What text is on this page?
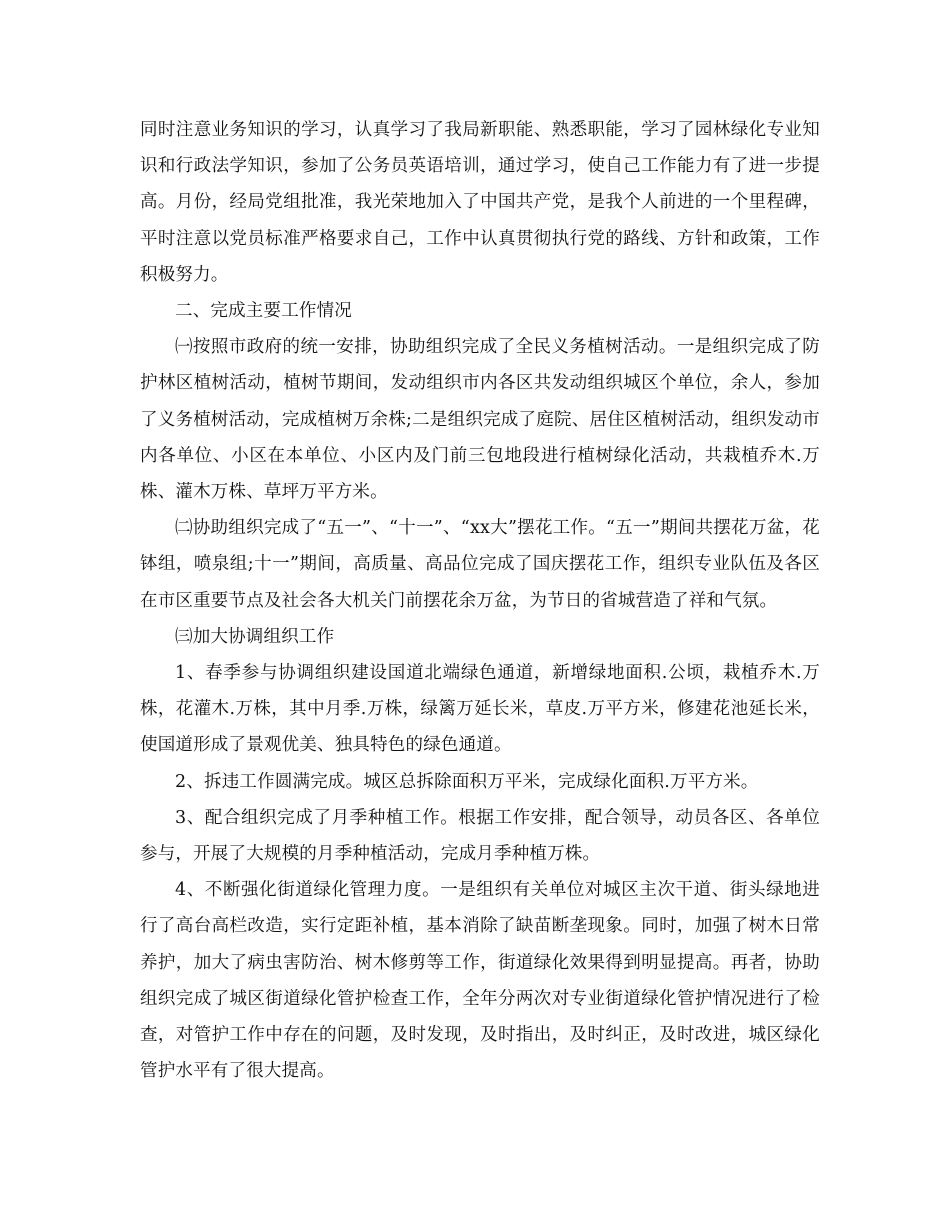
同时注意业务知识的学习，认真学习了我局新职能、熟悉职能，学习了园林绿化专业知识和行政法学知识，参加了公务员英语培训，通过学习，使自己工作能力有了进一步提高。月份，经局党组批准，我光荣地加入了中国共产党，是我个人前进的一个里程碑，平时注意以党员标准严格要求自己，工作中认真贯彻执行党的路线、方针和政策，工作积极努力。

二、完成主要工作情况

㈠按照市政府的统一安排，协助组织完成了全民义务植树活动。一是组织完成了防护林区植树活动，植树节期间，发动组织市内各区共发动组织城区个单位，余人，参加了义务植树活动，完成植树万余株;二是组织完成了庭院、居住区植树活动，组织发动市内各单位、小区在本单位、小区内及门前三包地段进行植树绿化活动，共栽植乔木.万株、灌木万株、草坪万平方米。

㈡协助组织完成了“五一”、“十一”、“xx大”摆花工作。“五一”期间共摆花万盆，花钵组，喷泉组;十一”期间，高质量、高品位完成了国庆摆花工作，组织专业队伍及各区在市区重要节点及社会各大机关门前摆花余万盆，为节日的省城营造了祥和气氛。

㈢加大协调组织工作

1、春季参与协调组织建设国道北端绿色通道，新增绿地面积.公顷，栽植乔木.万株，花灌木.万株，其中月季.万株，绿篱万延长米，草皮.万平方米，修建花池延长米，使国道形成了景观优美、独具特色的绿色通道。

2、拆违工作圆满完成。城区总拆除面积万平米，完成绿化面积.万平方米。

3、配合组织完成了月季种植工作。根据工作安排，配合领导，动员各区、各单位参与，开展了大规模的月季种植活动，完成月季种植万株。

4、不断强化街道绿化管理力度。一是组织有关单位对城区主次干道、街头绿地进行了高台高栏改造，实行定距补植，基本消除了缺苗断垄现象。同时，加强了树木日常养护，加大了病虫害防治、树木修剪等工作，街道绿化效果得到明显提高。再者，协助组织完成了城区街道绿化管护检查工作，全年分两次对专业街道绿化管护情况进行了检查，对管护工作中存在的问题，及时发现，及时指出，及时纠正，及时改进，城区绿化管护水平有了很大提高。
